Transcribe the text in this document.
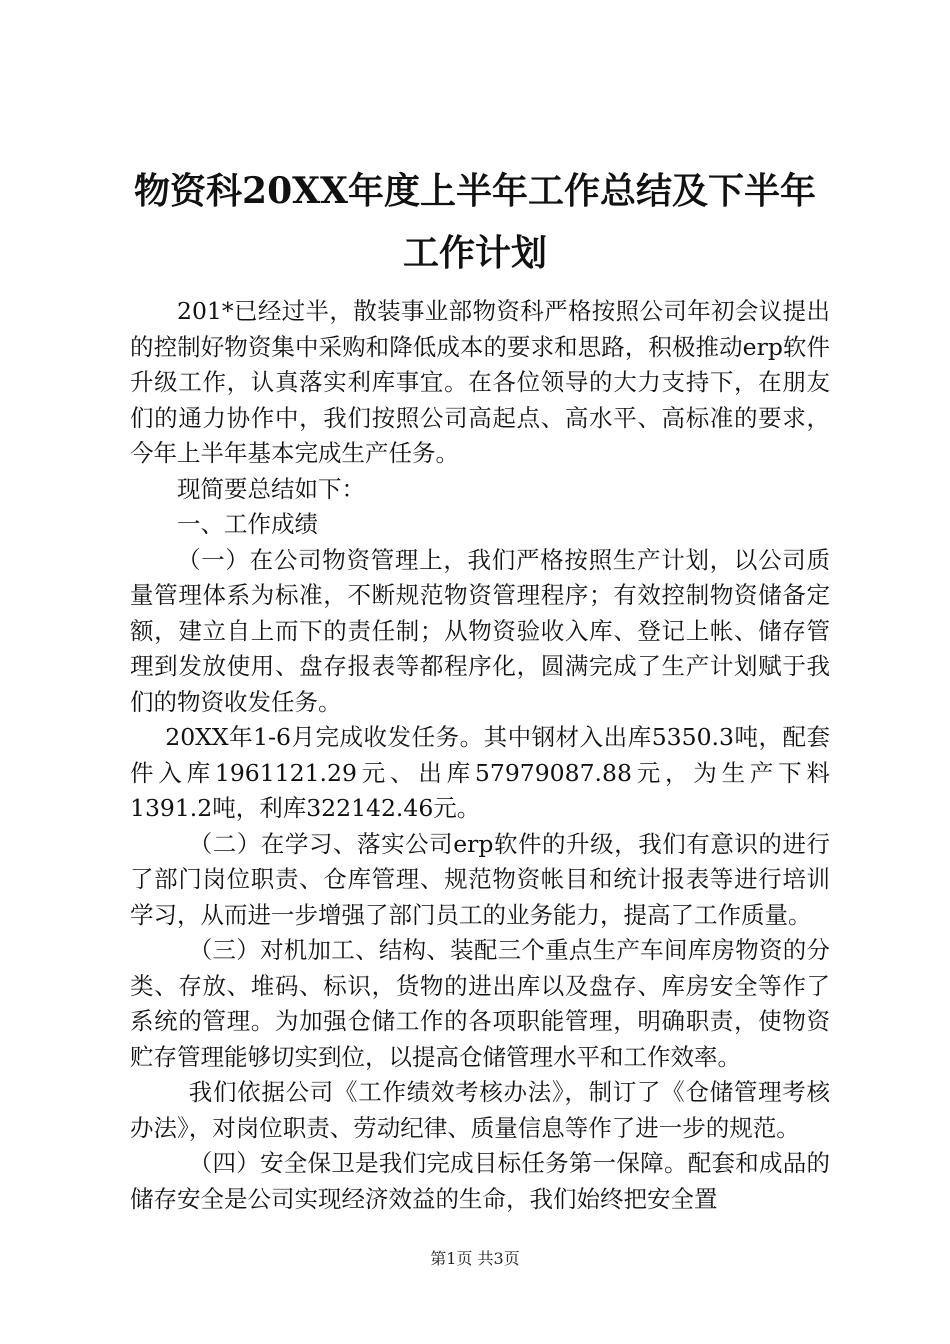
物资科20XX年度上半年工作总结及下半年工作计划

201*已经过半，散装事业部物资科严格按照公司年初会议提出的控制好物资集中采购和降低成本的要求和思路，积极推动erp软件升级工作，认真落实利库事宜。在各位领导的大力支持下，在朋友们的通力协作中，我们按照公司高起点、高水平、高标准的要求，今年上半年基本完成生产任务。

现简要总结如下：

一、工作成绩

（一）在公司物资管理上，我们严格按照生产计划，以公司质量管理体系为标准，不断规范物资管理程序；有效控制物资储备定额，建立自上而下的责任制；从物资验收入库、登记上帐、储存管理到发放使用、盘存报表等都程序化，圆满完成了生产计划赋于我们的物资收发任务。

20XX年1-6月完成收发任务。其中钢材入出库5350.3吨，配套件入库1961121.29元、出库57979087.88元，为生产下料1391.2吨，利库322142.46元。

（二）在学习、落实公司erp软件的升级，我们有意识的进行了部门岗位职责、仓库管理、规范物资帐目和统计报表等进行培训学习，从而进一步增强了部门员工的业务能力，提高了工作质量。

（三）对机加工、结构、装配三个重点生产车间库房物资的分类、存放、堆码、标识，货物的进出库以及盘存、库房安全等作了系统的管理。为加强仓储工作的各项职能管理，明确职责，使物资贮存管理能够切实到位，以提高仓储管理水平和工作效率。

我们依据公司《工作绩效考核办法》，制订了《仓储管理考核办法》，对岗位职责、劳动纪律、质量信息等作了进一步的规范。

（四）安全保卫是我们完成目标任务第一保障。配套和成品的储存安全是公司实现经济效益的生命，我们始终把安全置

第1页 共3页
